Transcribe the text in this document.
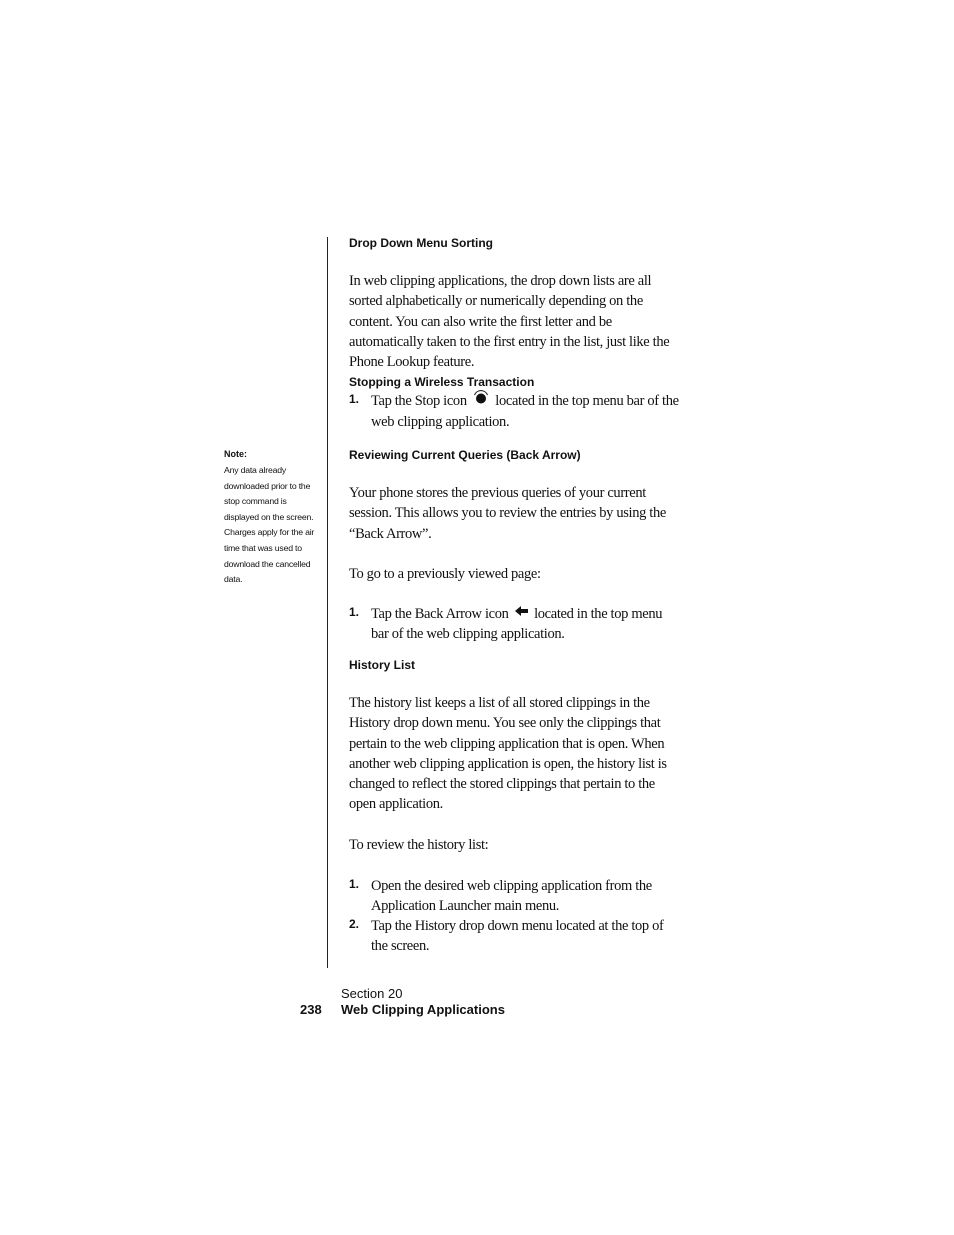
Drop Down Menu Sorting
In web clipping applications, the drop down lists are all sorted alphabetically or numerically depending on the content. You can also write the first letter and be automatically taken to the first entry in the list, just like the Phone Lookup feature.
Stopping a Wireless Transaction
1. Tap the Stop icon located in the top menu bar of the web clipping application.
Reviewing Current Queries (Back Arrow)
Your phone stores the previous queries of your current session. This allows you to review the entries by using the “Back Arrow”.
To go to a previously viewed page:
1. Tap the Back Arrow icon located in the top menu bar of the web clipping application.
History List
The history list keeps a list of all stored clippings in the History drop down menu. You see only the clippings that pertain to the web clipping application that is open. When another web clipping application is open, the history list is changed to reflect the stored clippings that pertain to the open application.
To review the history list:
1. Open the desired web clipping application from the Application Launcher main menu.
2. Tap the History drop down menu located at the top of the screen.
Note:
Any data already downloaded prior to the stop command is displayed on the screen. Charges apply for the air time that was used to download the cancelled data.
Section 20
238 Web Clipping Applications
